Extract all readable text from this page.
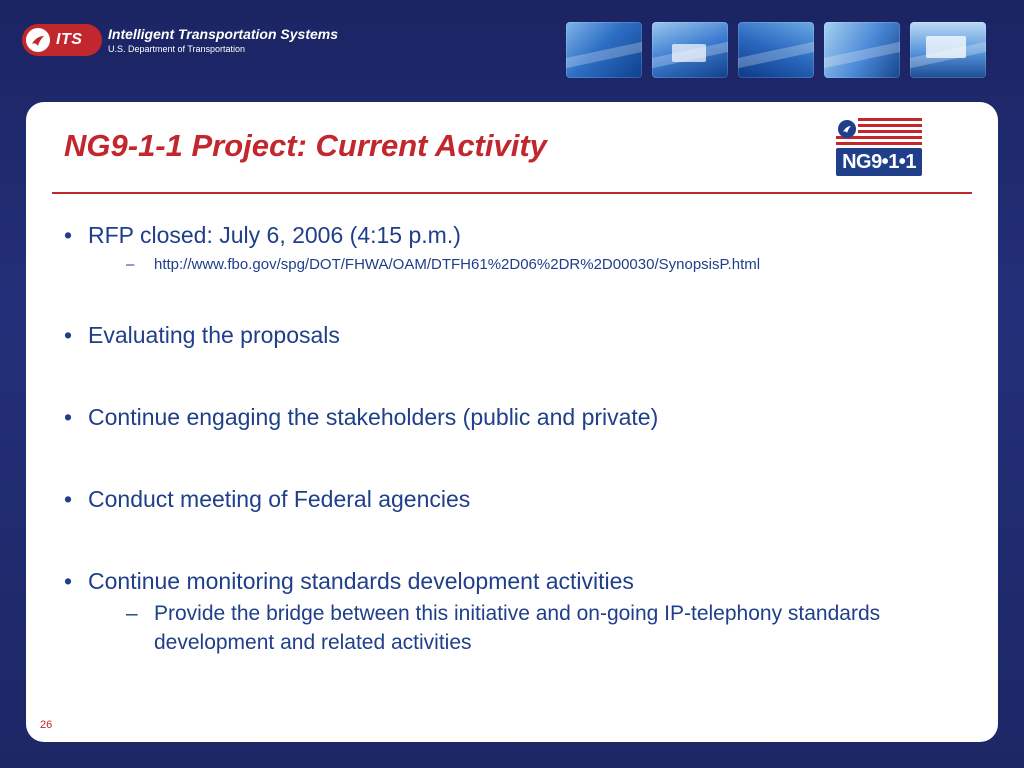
ITS Intelligent Transportation Systems
U.S. Department of Transportation
NG9-1-1 Project: Current Activity	NG9•1•1
• RFP closed: July 6, 2006 (4:15 p.m.)
– http://www.fbo.gov/spg/DOT/FHWA/OAM/DTFH61%2D06%2DR%2D00030/SynopsisP.html
• Evaluating the proposals
• Continue engaging the stakeholders (public and private)
• Conduct meeting of Federal agencies
• Continue monitoring standards development activities
– Provide the bridge between this initiative and on-going IP-telephony standards development and related activities
26
